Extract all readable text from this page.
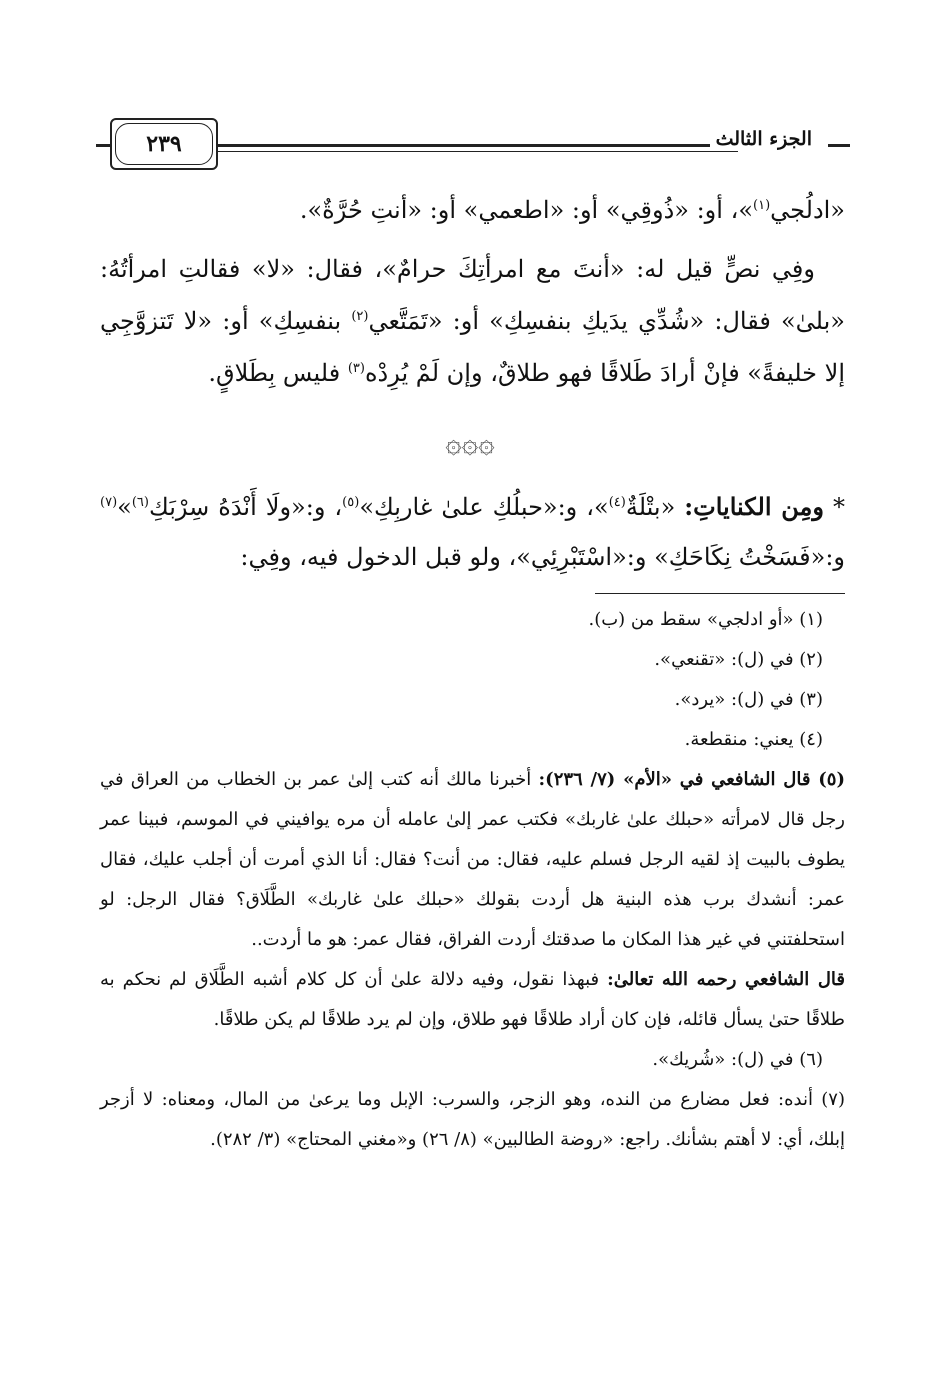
الجزء الثالث
٢٣٩

«ادلُجي$^{(١)}$»، أو: «ذُوقِي» أو: «اطعمي» أو: «أنتِ حُرَّةٌ».

وفِي نصٍّ قيل له: «أنتَ مع امرأتِكَ حرامٌ»، فقال: «لا» فقالتِ امرأتُهُ: «بلىٰ» فقال: «شُدِّي يدَيكِ بنفسِكِ» أو: «تَمَتَّعي$^{(٢)}$ بنفسِكِ» أو: «لا تَتزوَّجِي إلا خليفةً» فإنْ أرادَ طَلاقًا فهو طلاقٌ، وإن لَمْ يُرِدْه$^{(٣)}$ فليس بِطَلاقٍ.

۞۞۞

* ومِن الكناياتِ: «بتْلَةٌ$^{(٤)}$»، و:«حبلُكِ علىٰ غاربِكِ»$^{(٥)}$، و:«ولَا أَنْدَهُ سِرْبَكِ$^{(٦)}$»$^{(٧)}$ و:«فَسَخْتُ نِكَاحَكِ» و:«اسْتَبْرِئِي»، ولو قبل الدخول فيه، وفِي:

(١) «أو ادلجي» سقط من (ب).

(٢) في (ل): «تقنعي».

(٣) في (ل): «يرد».

(٤) يعني: منقطعة.

(٥) قال الشافعي في «الأم» (٧/ ٢٣٦): أخبرنا مالك أنه كتب إلىٰ عمر بن الخطاب من العراق في رجل قال لامرأته «حبلك علىٰ غاربك» فكتب عمر إلىٰ عامله أن مره يوافيني في الموسم، فبينا عمر يطوف بالبيت إذ لقيه الرجل فسلم عليه، فقال: من أنت؟ فقال: أنا الذي أمرت أن أجلب عليك، فقال عمر: أنشدك برب هذه البنية هل أردت بقولك «حبلك علىٰ غاربك» الطَّلَاق؟ فقال الرجل: لو استحلفتني في غير هذا المكان ما صدقتك أردت الفراق، فقال عمر: هو ما أردت..

قال الشافعي رحمه الله تعالىٰ: فبهذا نقول، وفيه دلالة علىٰ أن كل كلام أشبه الطَّلَاق لم نحكم به طلاقًا حتىٰ يسأل قائله، فإن كان أراد طلاقًا فهو طلاق، وإن لم يرد طلاقًا لم يكن طلاقًا.

(٦) في (ل): «شُريك».

(٧) أنده: فعل مضارع من النده، وهو الزجر، والسرب: الإبل وما يرعىٰ من المال، ومعناه: لا أزجر إبلك، أي: لا أهتم بشأنك. راجع: «روضة الطالبين» (٨/ ٢٦) و«مغني المحتاج» (٣/ ٢٨٢).
